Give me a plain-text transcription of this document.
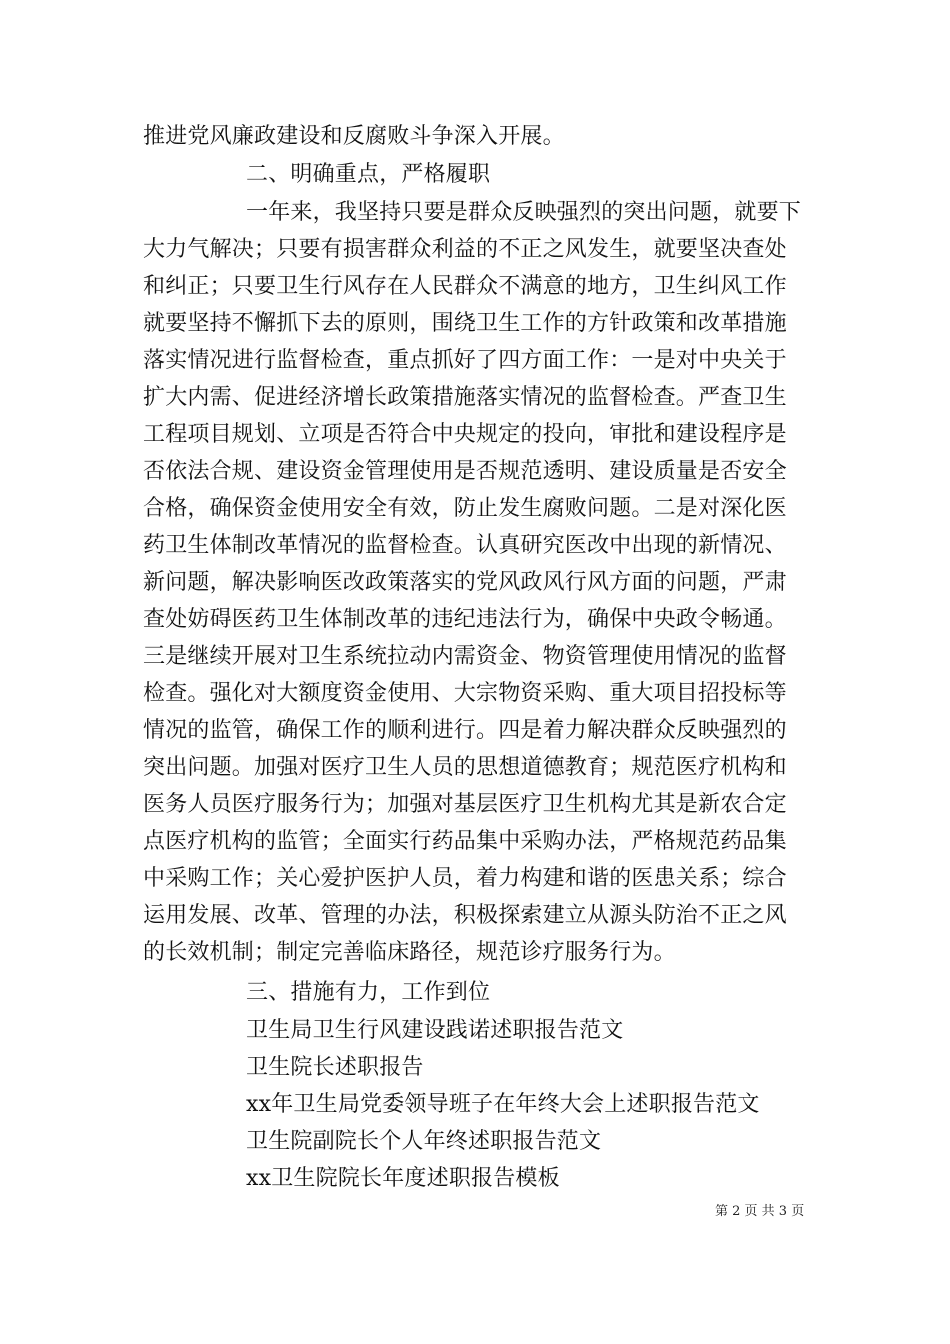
推进党风廉政建设和反腐败斗争深入开展。
二、明确重点，严格履职
一年来，我坚持只要是群众反映强烈的突出问题，就要下
大力气解决；只要有损害群众利益的不正之风发生，就要坚决查处
和纠正；只要卫生行风存在人民群众不满意的地方，卫生纠风工作
就要坚持不懈抓下去的原则，围绕卫生工作的方针政策和改革措施
落实情况进行监督检查，重点抓好了四方面工作：一是对中央关于
扩大内需、促进经济增长政策措施落实情况的监督检查。严查卫生
工程项目规划、立项是否符合中央规定的投向，审批和建设程序是
否依法合规、建设资金管理使用是否规范透明、建设质量是否安全
合格，确保资金使用安全有效，防止发生腐败问题。二是对深化医
药卫生体制改革情况的监督检查。认真研究医改中出现的新情况、
新问题，解决影响医改政策落实的党风政风行风方面的问题，严肃
查处妨碍医药卫生体制改革的违纪违法行为，确保中央政令畅通。
三是继续开展对卫生系统拉动内需资金、物资管理使用情况的监督
检查。强化对大额度资金使用、大宗物资采购、重大项目招投标等
情况的监管，确保工作的顺利进行。四是着力解决群众反映强烈的
突出问题。加强对医疗卫生人员的思想道德教育；规范医疗机构和
医务人员医疗服务行为；加强对基层医疗卫生机构尤其是新农合定
点医疗机构的监管；全面实行药品集中采购办法，严格规范药品集
中采购工作；关心爱护医护人员，着力构建和谐的医患关系；综合
运用发展、改革、管理的办法，积极探索建立从源头防治不正之风
的长效机制；制定完善临床路径，规范诊疗服务行为。
三、措施有力，工作到位
卫生局卫生行风建设践诺述职报告范文
卫生院长述职报告
xx年卫生局党委领导班子在年终大会上述职报告范文
卫生院副院长个人年终述职报告范文
xx卫生院院长年度述职报告模板
第 2 页 共 3 页
